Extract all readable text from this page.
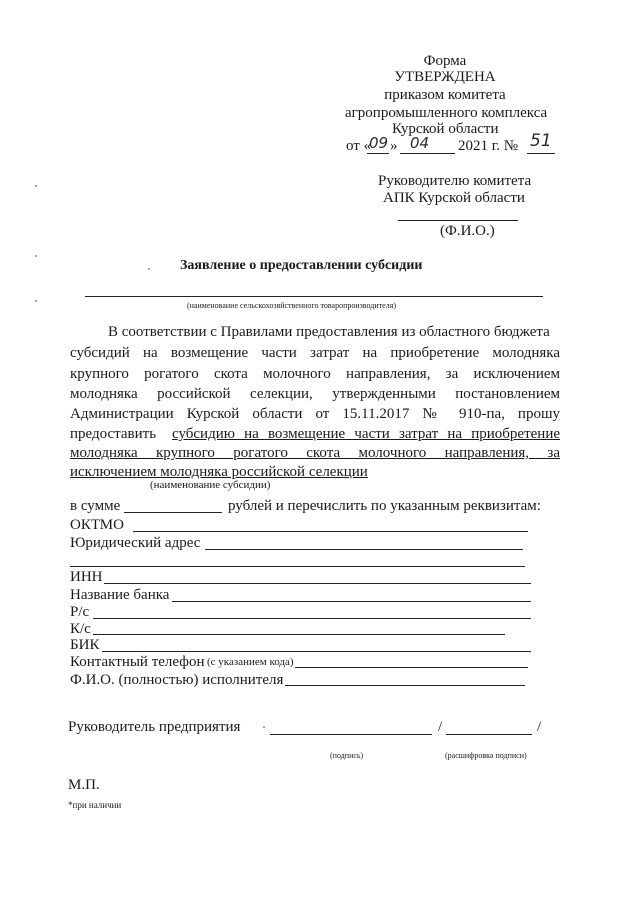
Форма
УТВЕРЖДЕНА
приказом комитета
агропромышленного комплекса
Курской области
от «
09 » 04 2021 г. № 51
Руководителю комитета
АПК Курской области
(Ф.И.О.)
Заявление о предоставлении субсидии
(наименование сельскохозяйственного товаропроизводителя)
В соответствии с Правилами предоставления из областного бюджета
субсидий на возмещение части затрат на приобретение молодняка
крупного рогатого скота молочного направления, за исключением
молодняка российской селекции, утвержденными постановлением
Администрации Курской области от 15.11.2017 № 910-па, прошу
предоставить субсидию на возмещение части затрат на приобретение
молодняка крупного рогатого скота молочного направления, за
исключением молодняка российской селекции
(наименование субсидии)
в сумме	рублей и перечислить по указанным реквизитам:
ОКТМО
Юридический адрес
ИНН
Название банка
Р/с
К/с
БИК
Контактный телефон (с указанием кода)
Ф.И.О. (полностью) исполнителя
Руководитель предприятия	/	/
(подпись)	(расшифровка подписи)
М.П.
*при наличии
